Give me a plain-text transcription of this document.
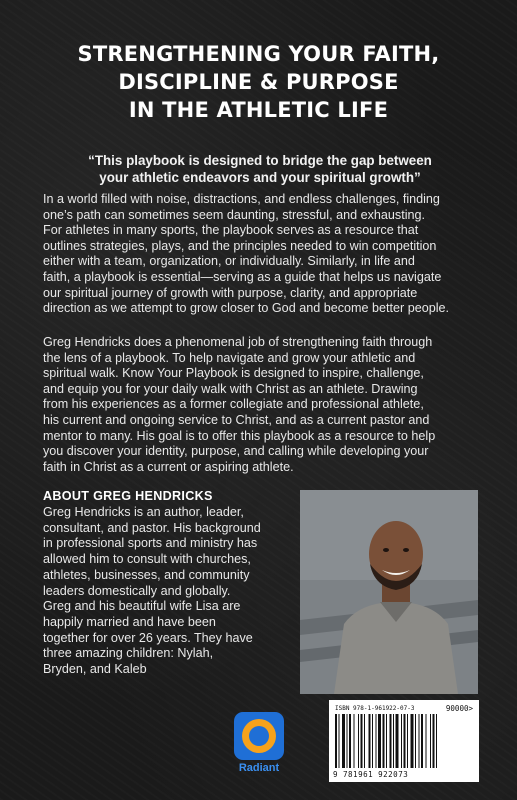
STRENGTHENING YOUR FAITH,
DISCIPLINE & PURPOSE
IN THE ATHLETIC LIFE
“This playbook is designed to bridge the gap between
your athletic endeavors and your spiritual growth”
In a world filled with noise, distractions, and endless challenges, finding
one’s path can sometimes seem daunting, stressful, and exhausting.
For athletes in many sports, the playbook serves as a resource that
outlines strategies, plays, and the principles needed to win competition
either with a team, organization, or individually. Similarly, in life and
faith, a playbook is essential—serving as a guide that helps us navigate
our spiritual journey of growth with purpose, clarity, and appropriate
direction as we attempt to grow closer to God and become better people.
Greg Hendricks does a phenomenal job of strengthening faith through
the lens of a playbook. To help navigate and grow your athletic and
spiritual walk. Know Your Playbook is designed to inspire, challenge,
and equip you for your daily walk with Christ as an athlete. Drawing
from his experiences as a former collegiate and professional athlete,
his current and ongoing service to Christ, and as a current pastor and
mentor to many. His goal is to offer this playbook as a resource to help
you discover your identity, purpose, and calling while developing your
faith in Christ as a current or aspiring athlete.
ABOUT GREG HENDRICKS
Greg Hendricks is an author, leader,
consultant, and pastor. His background
in professional sports and ministry has
allowed him to consult with churches,
athletes, businesses, and community
leaders domestically and globally.
Greg and his beautiful wife Lisa are
happily married and have been
together for over 26 years. They have
three amazing children: Nylah,
Bryden, and Kaleb
Radiant
ISBN 978-1-961922-07-3	90000>
9 781961 922073
